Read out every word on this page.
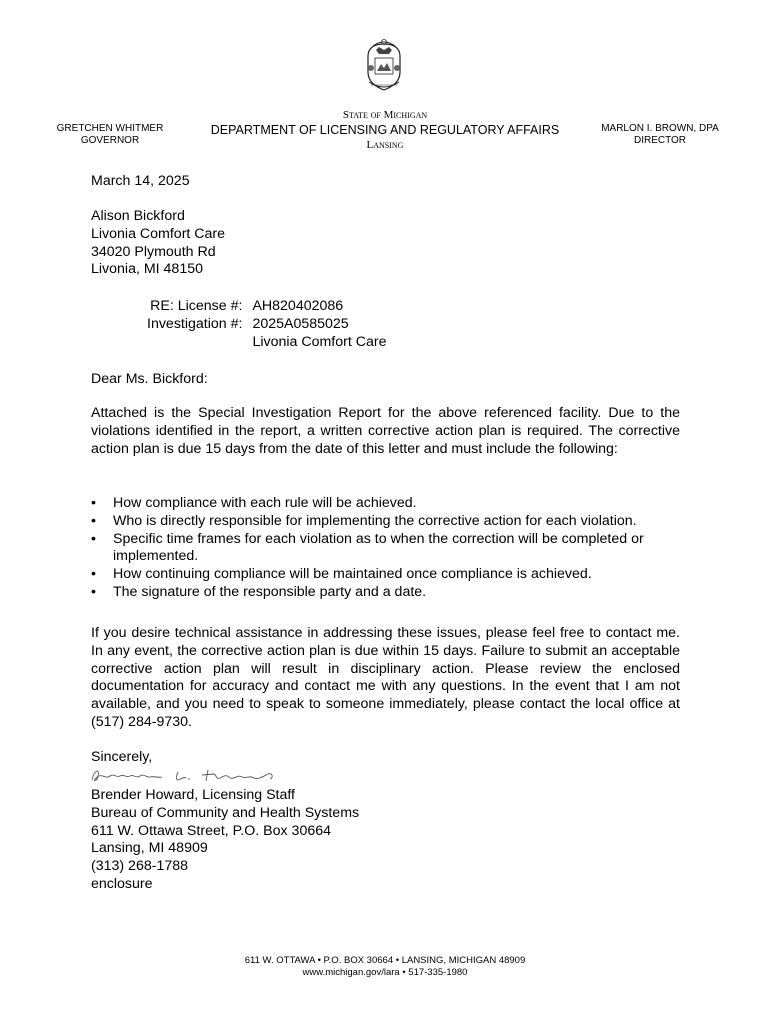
GRETCHEN WHITMER
GOVERNOR
State of Michigan
DEPARTMENT OF LICENSING AND REGULATORY AFFAIRS
Lansing
MARLON I. BROWN, DPA
DIRECTOR
March 14, 2025
Alison Bickford
Livonia Comfort Care
34020 Plymouth Rd
Livonia, MI 48150
RE: License #:	AH820402086
Investigation #:	2025A0585025
	Livonia Comfort Care
Dear Ms. Bickford:
Attached is the Special Investigation Report for the above referenced facility. Due to the violations identified in the report, a written corrective action plan is required. The corrective action plan is due 15 days from the date of this letter and must include the following:
• How compliance with each rule will be achieved.
• Who is directly responsible for implementing the corrective action for each violation.
• Specific time frames for each violation as to when the correction will be completed or implemented.
• How continuing compliance will be maintained once compliance is achieved.
• The signature of the responsible party and a date.
If you desire technical assistance in addressing these issues, please feel free to contact me. In any event, the corrective action plan is due within 15 days. Failure to submit an acceptable corrective action plan will result in disciplinary action. Please review the enclosed documentation for accuracy and contact me with any questions. In the event that I am not available, and you need to speak to someone immediately, please contact the local office at (517) 284-9730.
Sincerely,
Brender Howard, Licensing Staff
Bureau of Community and Health Systems
611 W. Ottawa Street, P.O. Box 30664
Lansing, MI 48909
(313) 268-1788
enclosure
611 W. OTTAWA • P.O. BOX 30664 • LANSING, MICHIGAN 48909
www.michigan.gov/lara • 517-335-1980
